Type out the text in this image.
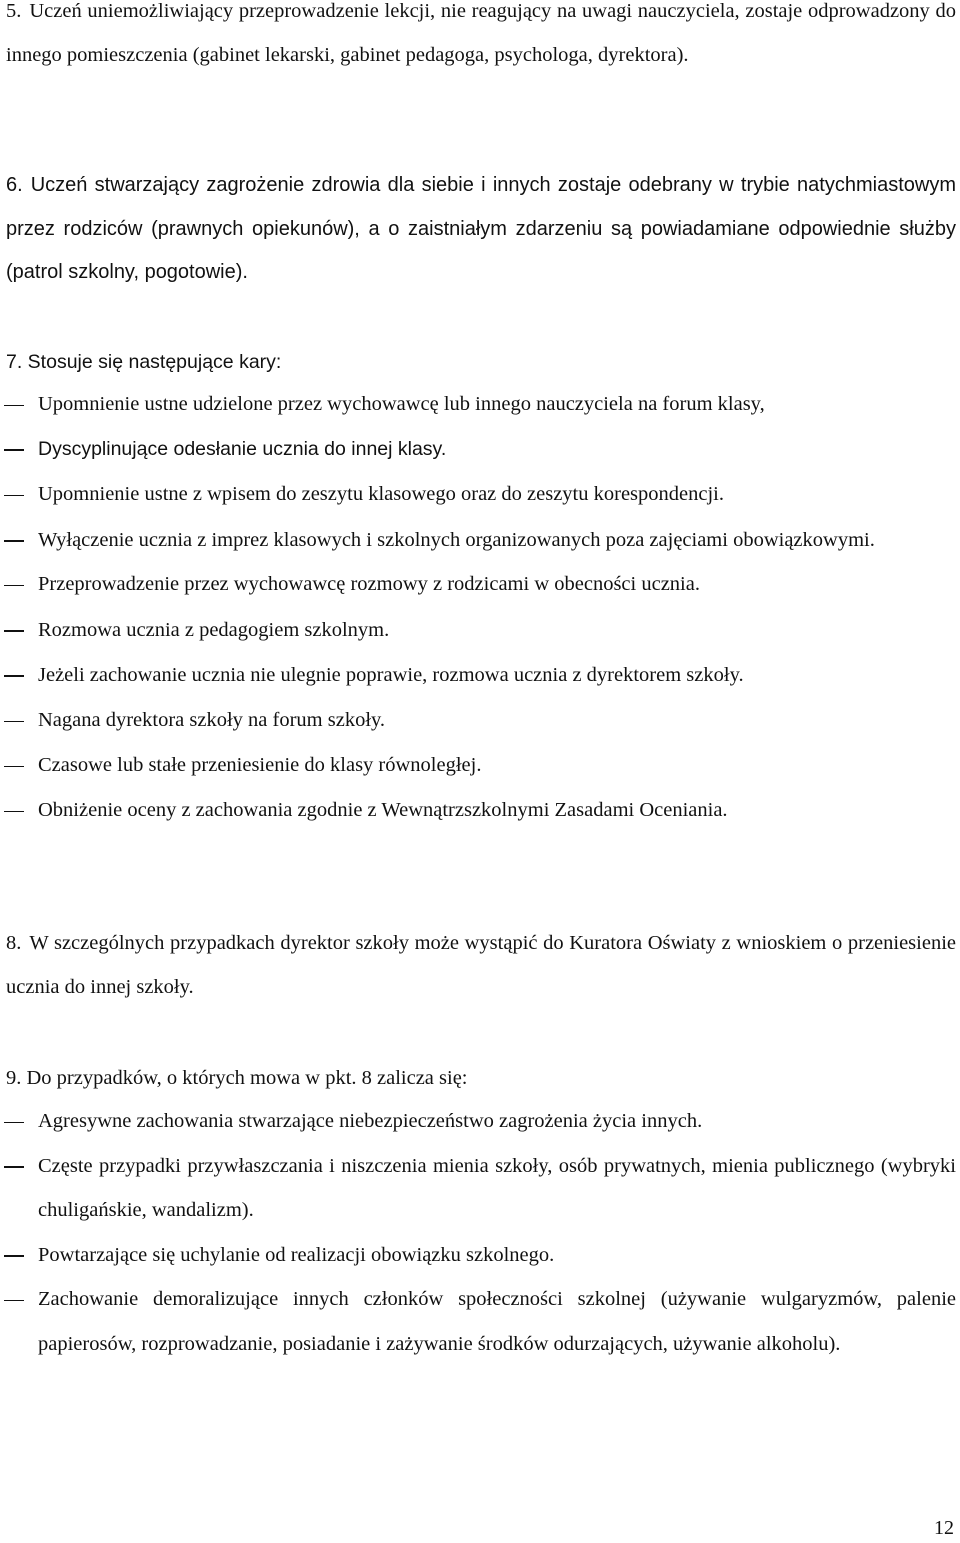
5. Uczeń uniemożliwiający przeprowadzenie lekcji, nie reagujący na uwagi nauczyciela, zostaje odprowadzony do innego pomieszczenia (gabinet lekarski, gabinet pedagoga, psychologa, dyrektora).

6. Uczeń stwarzający zagrożenie zdrowia dla siebie i innych zostaje odebrany w trybie natychmiastowym przez rodziców (prawnych opiekunów), a o zaistniałym zdarzeniu są powiadamiane odpowiednie służby (patrol szkolny, pogotowie).

7. Stosuje się następujące kary:

Upomnienie ustne udzielone przez wychowawcę lub innego nauczyciela na forum klasy,
Dyscyplinujące odesłanie ucznia do innej klasy.
Upomnienie ustne z wpisem do zeszytu klasowego oraz do zeszytu korespondencji.
Wyłączenie ucznia z imprez klasowych i szkolnych organizowanych poza zajęciami obowiązkowymi.
Przeprowadzenie przez wychowawcę rozmowy z rodzicami w obecności ucznia.
Rozmowa ucznia z pedagogiem szkolnym.
Jeżeli zachowanie ucznia nie ulegnie poprawie, rozmowa ucznia z dyrektorem szkoły.
Nagana dyrektora szkoły na forum szkoły.
Czasowe lub stałe przeniesienie do klasy równoległej.
Obniżenie oceny z zachowania zgodnie z Wewnątrzszkolnymi Zasadami Oceniania.

8. W szczególnych przypadkach dyrektor szkoły może wystąpić do Kuratora Oświaty z wnioskiem o przeniesienie ucznia do innej szkoły.

9. Do przypadków, o których mowa w pkt. 8 zalicza się:

Agresywne zachowania stwarzające niebezpieczeństwo zagrożenia życia innych.
Częste przypadki przywłaszczania i niszczenia mienia szkoły, osób prywatnych, mienia publicznego (wybryki chuligańskie, wandalizm).
Powtarzające się uchylanie od realizacji obowiązku szkolnego.
Zachowanie demoralizujące innych członków społeczności szkolnej (używanie wulgaryzmów, palenie papierosów, rozprowadzanie, posiadanie i zażywanie środków odurzających, używanie alkoholu).
12
